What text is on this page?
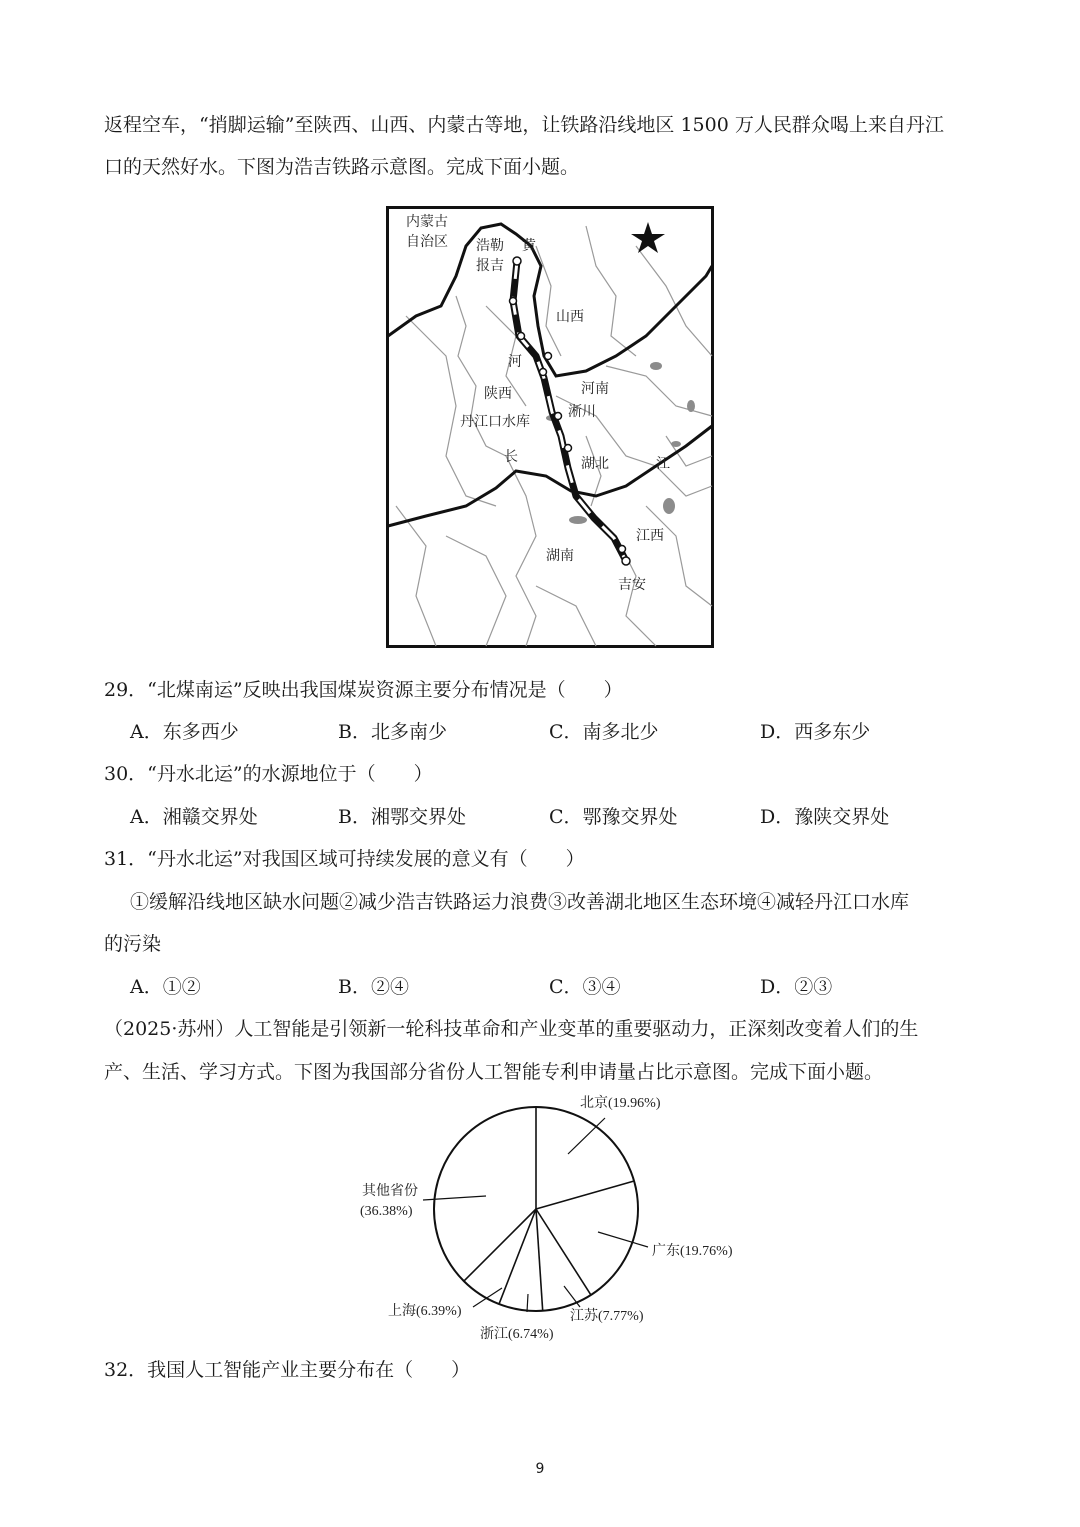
返程空车，“捎脚运输”至陕西、山西、内蒙古等地，让铁路沿线地区 1500 万人民群众喝上来自丹江
口的天然好水。下图为浩吉铁路示意图。完成下面小题。
内蒙古
自治区 浩勒
报吉
黄
山西
河
陕西	河南
淅川
丹江口水库
长	湖北	江
江西
湖南
吉安
29．“北煤南运”反映出我国煤炭资源主要分布情况是（　　）
A．东多西少	B．北多南少	C．南多北少	D．西多东少
30．“丹水北运”的水源地位于（　　）
A．湘赣交界处	B．湘鄂交界处	C．鄂豫交界处	D．豫陕交界处
31．“丹水北运”对我国区域可持续发展的意义有（　　）
①缓解沿线地区缺水问题②减少浩吉铁路运力浪费③改善湖北地区生态环境④减轻丹江口水库
的污染
A．①②	B．②④	C．③④	D．②③
（2025·苏州）人工智能是引领新一轮科技革命和产业变革的重要驱动力，正深刻改变着人们的生
产、生活、学习方式。下图为我国部分省份人工智能专利申请量占比示意图。完成下面小题。
北京(19.96%)
广东(19.76%)
江苏(7.77%)
浙江(6.74%)
上海(6.39%)
其他省份
(36.38%)
32．我国人工智能产业主要分布在（　　）
9
